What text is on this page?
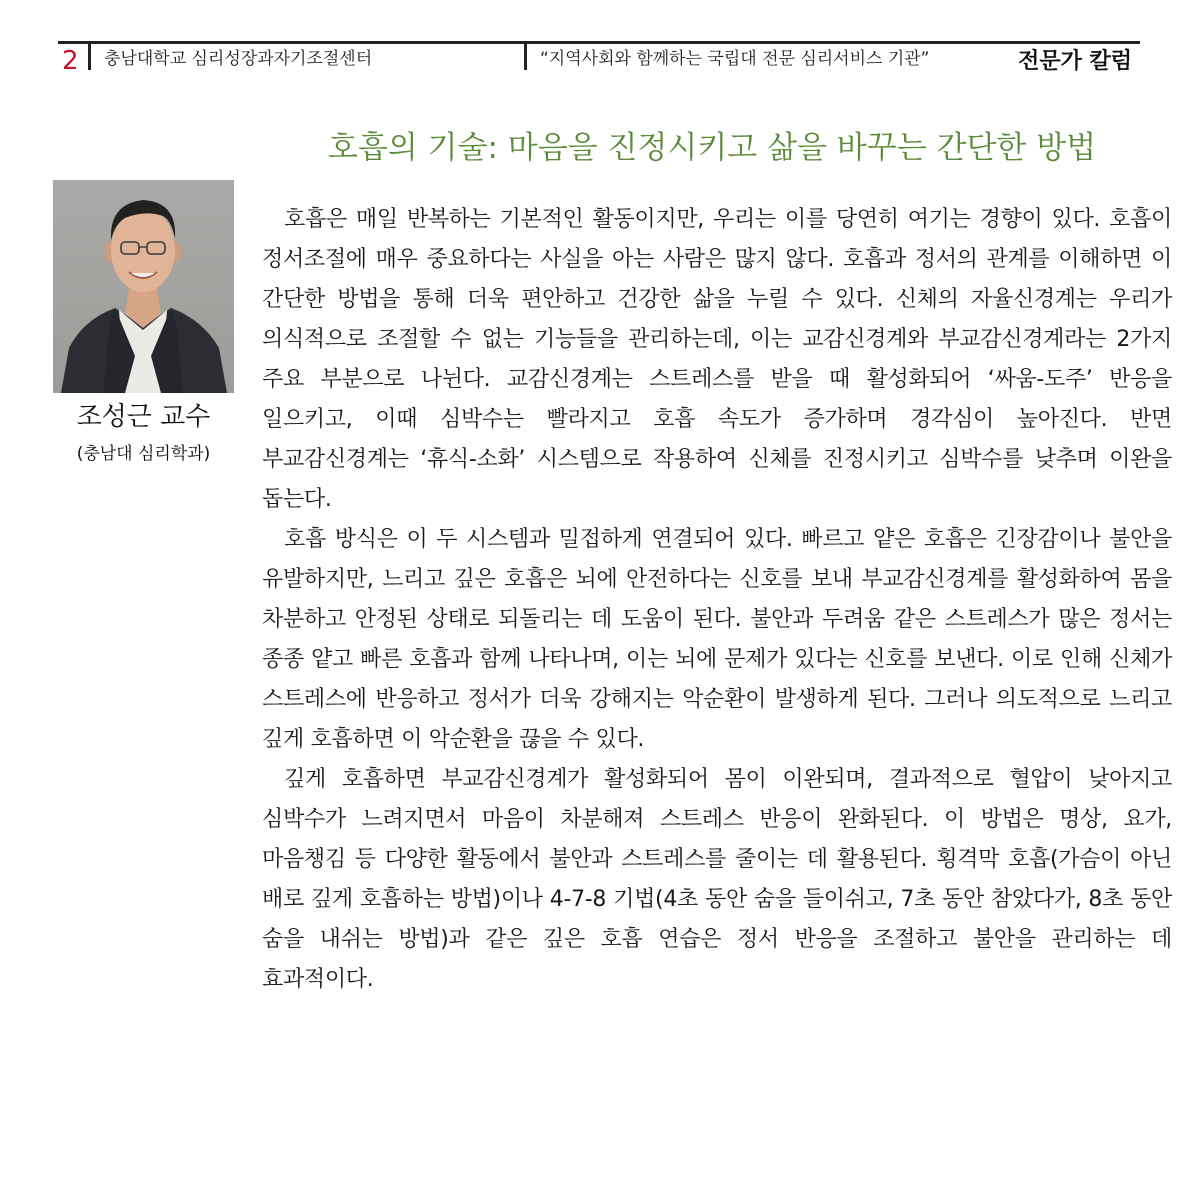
2 충남대학교 심리성장과자기조절센터	“지역사회와 함께하는 국립대 전문 심리서비스 기관”	전문가 칼럼
호흡의 기술: 마음을 진정시키고 삶을 바꾸는 간단한 방법
조성근 교수
(충남대 심리학과)

호흡은 매일 반복하는 기본적인 활동이지만, 우리는 이를 당연히 여기는 경향이 있다. 호흡이 정서조절에 매우 중요하다는 사실을 아는 사람은 많지 않다. 호흡과 정서의 관계를 이해하면 이 간단한 방법을 통해 더욱 편안하고 건강한 삶을 누릴 수 있다. 신체의 자율신경계는 우리가 의식적으로 조절할 수 없는 기능들을 관리하는데, 이는 교감신경계와 부교감신경계라는 2가지 주요 부분으로 나뉜다. 교감신경계는 스트레스를 받을 때 활성화되어 ‘싸움-도주’ 반응을 일으키고, 이때 심박수는 빨라지고 호흡 속도가 증가하며 경각심이 높아진다. 반면 부교감신경계는 ‘휴식-소화’ 시스템으로 작용하여 신체를 진정시키고 심박수를 낮추며 이완을 돕는다.

호흡 방식은 이 두 시스템과 밀접하게 연결되어 있다. 빠르고 얕은 호흡은 긴장감이나 불안을 유발하지만, 느리고 깊은 호흡은 뇌에 안전하다는 신호를 보내 부교감신경계를 활성화하여 몸을 차분하고 안정된 상태로 되돌리는 데 도움이 된다. 불안과 두려움 같은 스트레스가 많은 정서는 종종 얕고 빠른 호흡과 함께 나타나며, 이는 뇌에 문제가 있다는 신호를 보낸다. 이로 인해 신체가 스트레스에 반응하고 정서가 더욱 강해지는 악순환이 발생하게 된다. 그러나 의도적으로 느리고 깊게 호흡하면 이 악순환을 끊을 수 있다.

깊게 호흡하면 부교감신경계가 활성화되어 몸이 이완되며, 결과적으로 혈압이 낮아지고 심박수가 느려지면서 마음이 차분해져 스트레스 반응이 완화된다. 이 방법은 명상, 요가, 마음챙김 등 다양한 활동에서 불안과 스트레스를 줄이는 데 활용된다. 횡격막 호흡(가슴이 아닌 배로 깊게 호흡하는 방법)이나 4-7-8 기법(4초 동안 숨을 들이쉬고, 7초 동안 참았다가, 8초 동안 숨을 내쉬는 방법)과 같은 깊은 호흡 연습은 정서 반응을 조절하고 불안을 관리하는 데 효과적이다.
